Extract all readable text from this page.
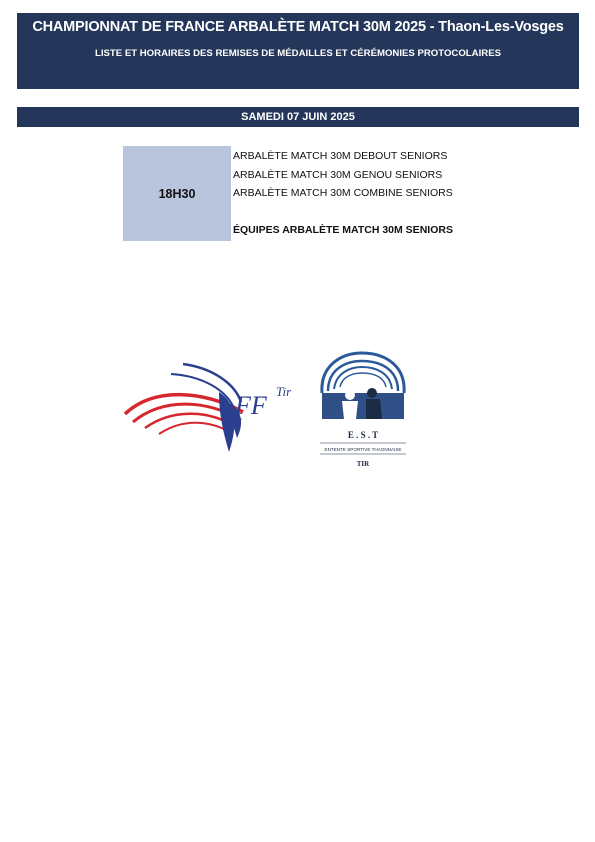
CHAMPIONNAT DE FRANCE ARBALÈTE MATCH 30M 2025 - Thaon-Les-Vosges
LISTE ET HORAIRES DES REMISES DE MÉDAILLES ET CÉRÉMONIES PROTOCOLAIRES
SAMEDI 07 JUIN 2025
18H30
ARBALÈTE MATCH 30M DEBOUT SENIORS
ARBALÈTE MATCH 30M GENOU SENIORS
ARBALÈTE MATCH 30M COMBINE SENIORS
ÉQUIPES ARBALÈTE MATCH 30M SENIORS
FF Tir
E . S . T
ENTENTE SPORTIVE THAONNAISE
TIR
